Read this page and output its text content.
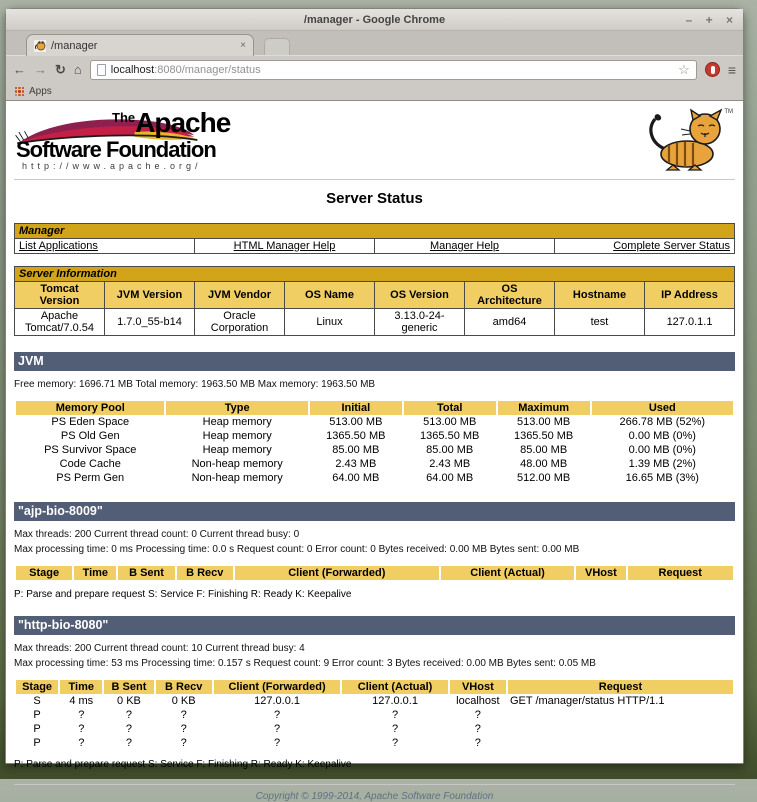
/manager - Google Chrome	– + ×
/manager	×
← → ↻ ⌂	localhost:8080/manager/status	☆	≡
Apps
TheApache
Software Foundation
http://www.apache.org/
TM
Server Status
Manager
List Applications	HTML Manager Help	Manager Help	Complete Server Status
Server Information							
Tomcat Version	JVM Version	JVM Vendor	OS Name	OS Version	OS Architecture	Hostname	IP Address
Apache Tomcat/7.0.54	1.7.0_55-b14	Oracle Corporation	Linux	3.13.0-24-generic	amd64	test	127.0.1.1
JVM

Free memory: 1696.71 MB Total memory: 1963.50 MB Max memory: 1963.50 MB

Memory Pool	Type	Initial	Total	Maximum	Used
PS Eden Space	Heap memory	513.00 MB	513.00 MB	513.00 MB	266.78 MB (52%)
PS Old Gen	Heap memory	1365.50 MB	1365.50 MB	1365.50 MB	0.00 MB (0%)
PS Survivor Space	Heap memory	85.00 MB	85.00 MB	85.00 MB	0.00 MB (0%)
Code Cache	Non-heap memory	2.43 MB	2.43 MB	48.00 MB	1.39 MB (2%)
PS Perm Gen	Non-heap memory	64.00 MB	64.00 MB	512.00 MB	16.65 MB (3%)
"ajp-bio-8009"

Max threads: 200 Current thread count: 0 Current thread busy: 0

Max processing time: 0 ms Processing time: 0.0 s Request count: 0 Error count: 0 Bytes received: 0.00 MB Bytes sent: 0.00 MB

Stage	Time	B Sent	B Recv	Client (Forwarded)	Client (Actual)	VHost	Request

P: Parse and prepare request S: Service F: Finishing R: Ready K: Keepalive

"http-bio-8080"

Max threads: 200 Current thread count: 10 Current thread busy: 4

Max processing time: 53 ms Processing time: 0.157 s Request count: 9 Error count: 3 Bytes received: 0.00 MB Bytes sent: 0.05 MB

Stage	Time	B Sent	B Recv	Client (Forwarded)	Client (Actual)	VHost	Request
S	4 ms	0 KB	0 KB	127.0.0.1	127.0.0.1	localhost	GET /manager/status HTTP/1.1
P	?	?	?	?	?	?	
P	?	?	?	?	?	?	
P	?	?	?	?	?	?	

P: Parse and prepare request S: Service F: Finishing R: Ready K: Keepalive

Copyright © 1999-2014, Apache Software Foundation
